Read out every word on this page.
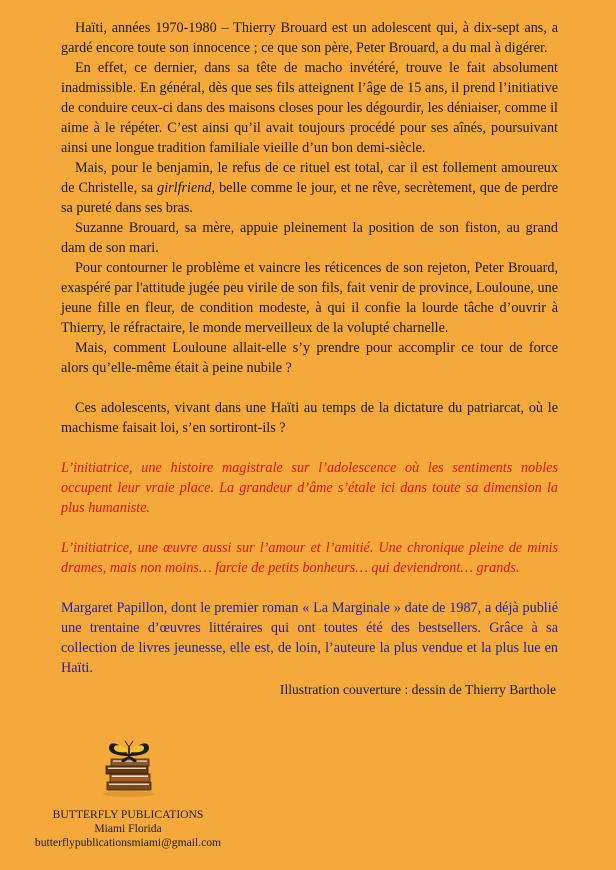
Haïti, années 1970-1980 – Thierry Brouard est un adolescent qui, à dix-sept ans, a gardé encore toute son innocence ; ce que son père, Peter Brouard, a du mal à digérer.

En effet, ce dernier, dans sa tête de macho invétéré, trouve le fait absolument inadmissible. En général, dès que ses fils atteignent l’âge de 15 ans, il prend l’initiative de conduire ceux-ci dans des maisons closes pour les dégourdir, les déniaiser, comme il aime à le répéter. C’est ainsi qu’il avait toujours procédé pour ses aînés, poursuivant ainsi une longue tradition familiale vieille d’un bon demi-siècle.

Mais, pour le benjamin, le refus de ce rituel est total, car il est follement amoureux de Christelle, sa girlfriend, belle comme le jour, et ne rêve, secrètement, que de perdre sa pureté dans ses bras.

Suzanne Brouard, sa mère, appuie pleinement la position de son fiston, au grand dam de son mari.

Pour contourner le problème et vaincre les réticences de son rejeton, Peter Brouard, exaspéré par l'attitude jugée peu virile de son fils, fait venir de province, Louloune, une jeune fille en fleur, de condition modeste, à qui il confie la lourde tâche d’ouvrir à Thierry, le réfractaire, le monde merveilleux de la volupté charnelle.

Mais, comment Louloune allait-elle s’y prendre pour accomplir ce tour de force alors qu’elle-même était à peine nubile ?

Ces adolescents, vivant dans une Haïti au temps de la dictature du patriarcat, où le machisme faisait loi, s’en sortiront-ils ?

L’initiatrice, une histoire magistrale sur l’adolescence où les sentiments nobles occupent leur vraie place. La grandeur d’âme s’étale ici dans toute sa dimension la plus humaniste.

L’initiatrice, une œuvre aussi sur l’amour et l’amitié. Une chronique pleine de minis drames, mais non moins… farcie de petits bonheurs… qui deviendront… grands.

Margaret Papillon, dont le premier roman « La Marginale » date de 1987, a déjà publié une trentaine d’œuvres littéraires qui ont toutes été des bestsellers. Grâce à sa collection de livres jeunesse, elle est, de loin, l’auteure la plus vendue et la plus lue en Haïti.

Illustration couverture : dessin de Thierry Barthole

BUTTERFLY PUBLICATIONS
Miami Florida
butterflypublicationsmiami@gmail.com
